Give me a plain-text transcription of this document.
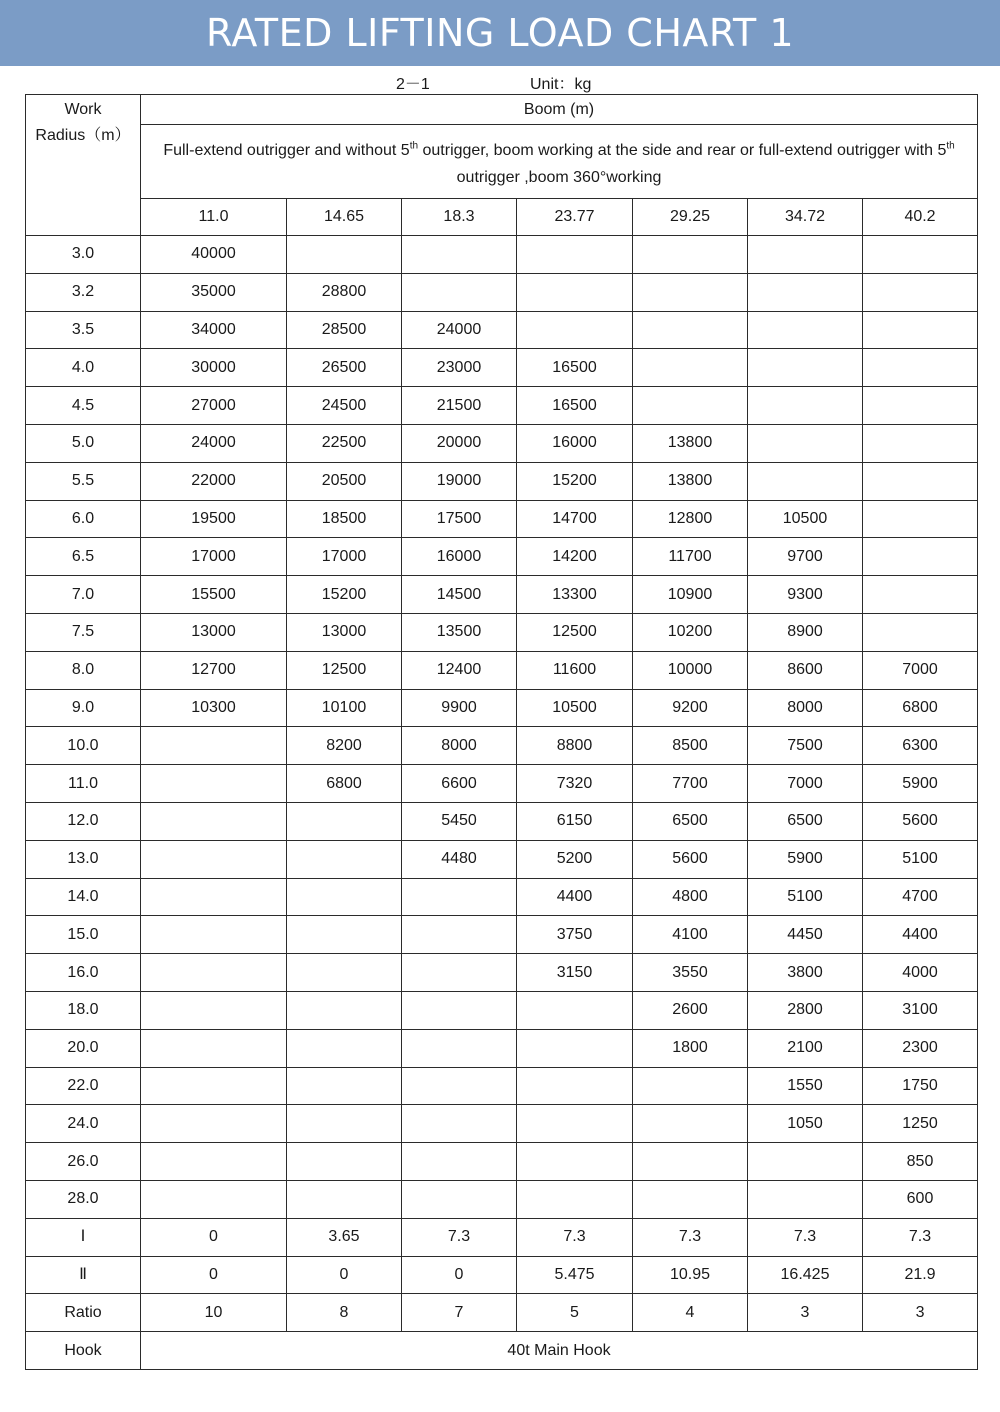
RATED LIFTING LOAD CHART 1
2－1	Unit：kg
Work
Radius（m）	Boom (m)						
	Full-extend outrigger and without 5th outrigger, boom working at the side and rear or full-extend outrigger with 5th outrigger ,boom 360°working						
	11.0	14.65	18.3	23.77	29.25	34.72	40.2
3.0	40000						
3.2	35000	28800					
3.5	34000	28500	24000				
4.0	30000	26500	23000	16500			
4.5	27000	24500	21500	16500			
5.0	24000	22500	20000	16000	13800		
5.5	22000	20500	19000	15200	13800		
6.0	19500	18500	17500	14700	12800	10500	
6.5	17000	17000	16000	14200	11700	9700	
7.0	15500	15200	14500	13300	10900	9300	
7.5	13000	13000	13500	12500	10200	8900	
8.0	12700	12500	12400	11600	10000	8600	7000
9.0	10300	10100	9900	10500	9200	8000	6800
10.0		8200	8000	8800	8500	7500	6300
11.0		6800	6600	7320	7700	7000	5900
12.0			5450	6150	6500	6500	5600
13.0			4480	5200	5600	5900	5100
14.0				4400	4800	5100	4700
15.0				3750	4100	4450	4400
16.0				3150	3550	3800	4000
18.0					2600	2800	3100
20.0					1800	2100	2300
22.0						1550	1750
24.0						1050	1250
26.0							850
28.0							600
Ⅰ	0	3.65	7.3	7.3	7.3	7.3	7.3
Ⅱ	0	0	0	5.475	10.95	16.425	21.9
Ratio	10	8	7	5	4	3	3
Hook	40t Main Hook						
